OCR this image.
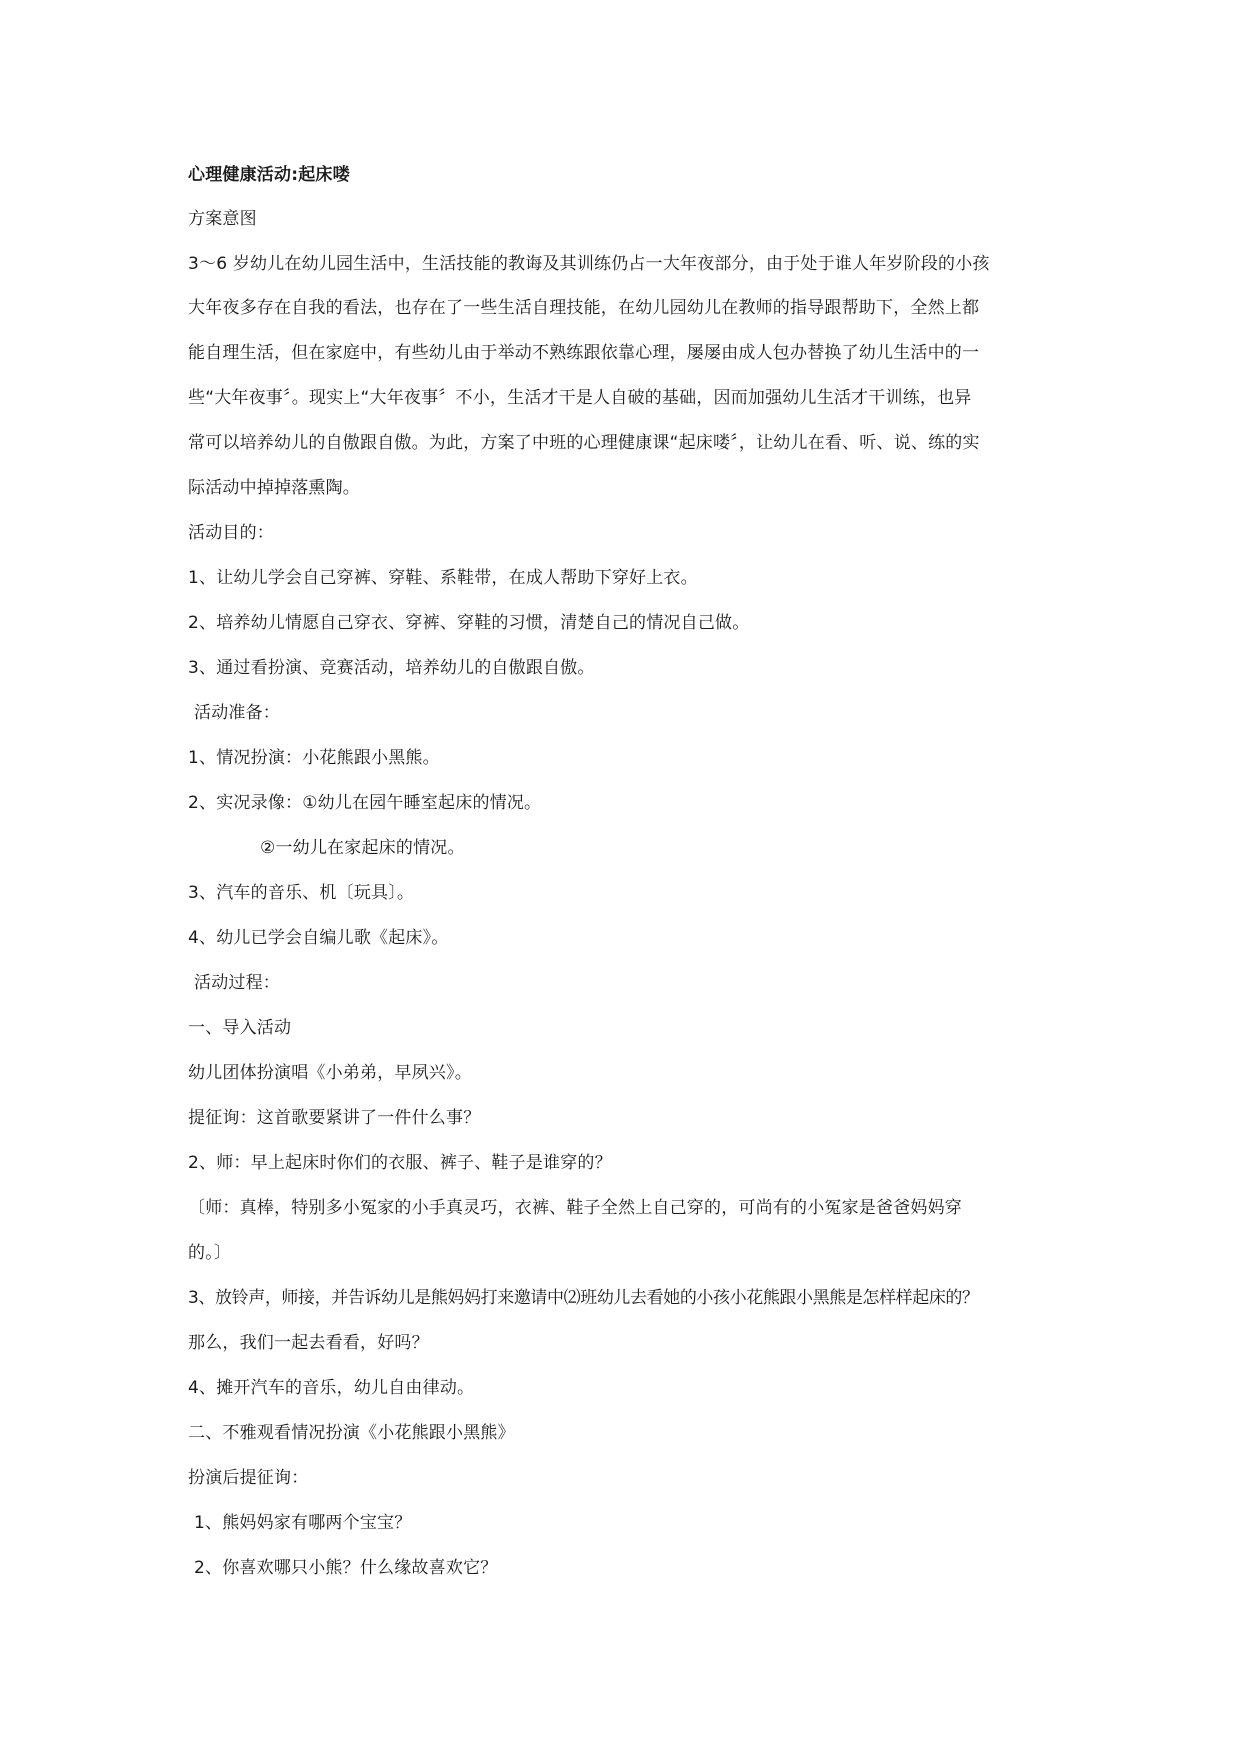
心理健康活动:起床喽
方案意图
3～6 岁幼儿在幼儿园生活中，生活技能的教诲及其训练仍占一大年夜部分，由于处于谁人年岁阶段的小孩
大年夜多存在自我的看法，也存在了一些生活自理技能，在幼儿园幼儿在教师的指导跟帮助下，全然上都
能自理生活，但在家庭中，有些幼儿由于举动不熟练跟依靠心理，屡屡由成人包办替换了幼儿生活中的一
些“大年夜事〞。现实上“大年夜事〞不小，生活才干是人自破的基础，因而加强幼儿生活才干训练，也异
常可以培养幼儿的自傲跟自傲。为此，方案了中班的心理健康课“起床喽〞，让幼儿在看、听、说、练的实
际活动中掉掉落熏陶。
活动目的：
1、让幼儿学会自己穿裤、穿鞋、系鞋带，在成人帮助下穿好上衣。
2、培养幼儿情愿自己穿衣、穿裤、穿鞋的习惯，清楚自己的情况自己做。
3、通过看扮演、竞赛活动，培养幼儿的自傲跟自傲。
活动准备：
1、情况扮演：小花熊跟小黑熊。
2、实况录像：①幼儿在园午睡室起床的情况。
②一幼儿在家起床的情况。
3、汽车的音乐、机〔玩具〕。
4、幼儿已学会自编儿歌《起床》。
活动过程：
一、导入活动
幼儿团体扮演唱《小弟弟，早夙兴》。
提征询：这首歌要紧讲了一件什么事？
2、师：早上起床时你们的衣服、裤子、鞋子是谁穿的？
〔师：真棒，特别多小冤家的小手真灵巧，衣裤、鞋子全然上自己穿的，可尚有的小冤家是爸爸妈妈穿
的。〕
3、放铃声，师接，并告诉幼儿是熊妈妈打来邀请中⑵班幼儿去看她的小孩小花熊跟小黑熊是怎样样起床的？
那么，我们一起去看看，好吗？
4、摊开汽车的音乐，幼儿自由律动。
二、不雅观看情况扮演《小花熊跟小黑熊》
扮演后提征询：
1、熊妈妈家有哪两个宝宝？
2、你喜欢哪只小熊？什么缘故喜欢它？
